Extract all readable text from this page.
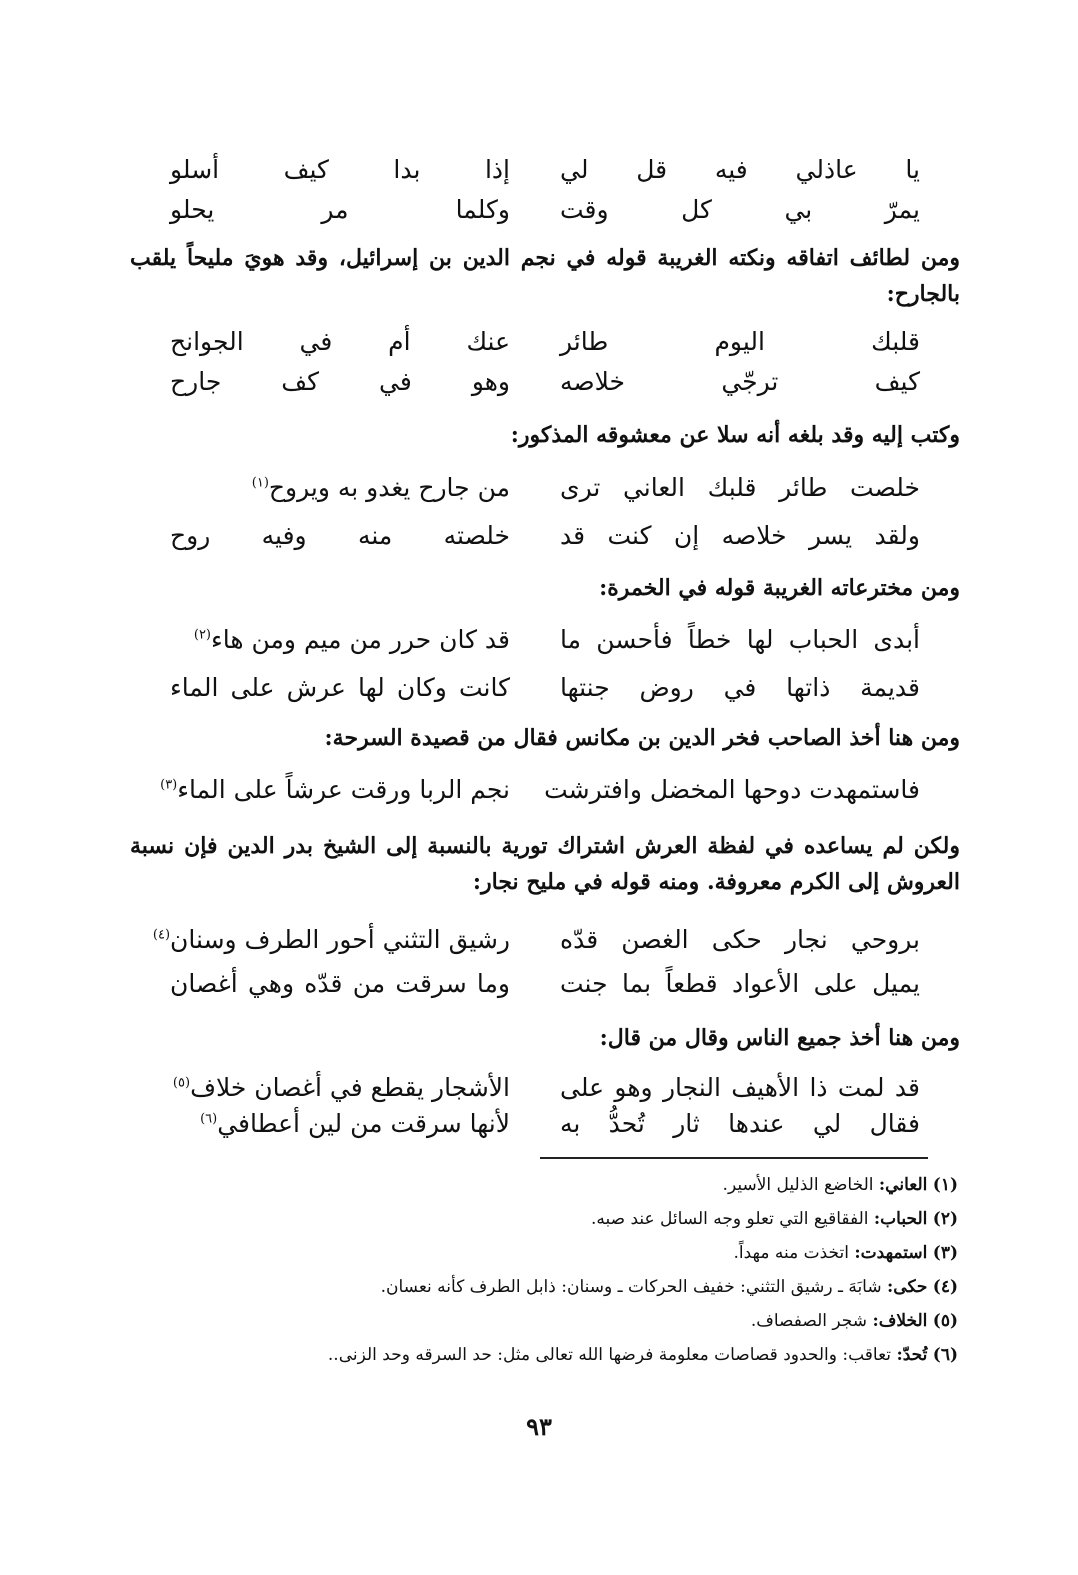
يا عاذلي فيه قل لي
إذا بدا كيف أسلو
يمرّ بي كل وقت
وكلما مر يحلو
ومن لطائف اتفاقه ونكته الغريبة قوله في نجم الدين بن إسرائيل، وقد هويَ مليحاً يلقب بالجارح:
قلبك اليوم طائر
عنك أم في الجوانح
كيف ترجّي خلاصه
وهو في كف جارح
وكتب إليه وقد بلغه أنه سلا عن معشوقه المذكور:
خلصت طائر قلبك العاني ترى
من جارح يغدو به ويروح$^{(١)}$
ولقد يسر خلاصه إن كنت قد
خلصته منه وفيه روح
ومن مخترعاته الغريبة قوله في الخمرة:
أبدى الحباب لها خطاً فأحسن ما
قد كان حرر من ميم ومن هاء$^{(٢)}$
قديمة ذاتها في روض جنتها
كانت وكان لها عرش على الماء
ومن هنا أخذ الصاحب فخر الدين بن مكانس فقال من قصيدة السرحة:
فاستمهدت دوحها المخضل وافترشت
نجم الربا ورقت عرشاً على الماء$^{(٣)}$
ولكن لم يساعده في لفظة العرش اشتراك تورية بالنسبة إلى الشيخ بدر الدين فإن نسبة العروش إلى الكرم معروفة. ومنه قوله في مليح نجار:
بروحي نجار حكى الغصن قدّه
رشيق التثني أحور الطرف وسنان$^{(٤)}$
يميل على الأعواد قطعاً بما جنت
وما سرقت من قدّه وهي أغصان
ومن هنا أخذ جميع الناس وقال من قال:
قد لمت ذا الأهيف النجار وهو على
الأشجار يقطع في أغصان خلاف$^{(٥)}$
فقال لي عندها ثار تُحدُّ به
لأنها سرقت من لين أعطافي$^{(٦)}$
(١) العاني: الخاضع الذليل الأسير.
(٢) الحباب: الفقاقيع التي تعلو وجه السائل عند صبه.
(٣) استمهدت: اتخذت منه مهداً.
(٤) حكى: شابَهَ ـ رشيق التثني: خفيف الحركات ـ وسنان: ذابل الطرف كأنه نعسان.
(٥) الخلاف: شجر الصفصاف.
(٦) تُحدّ: تعاقب: والحدود قصاصات معلومة فرضها الله تعالى مثل: حد السرقه وحد الزنى..
٩٣
